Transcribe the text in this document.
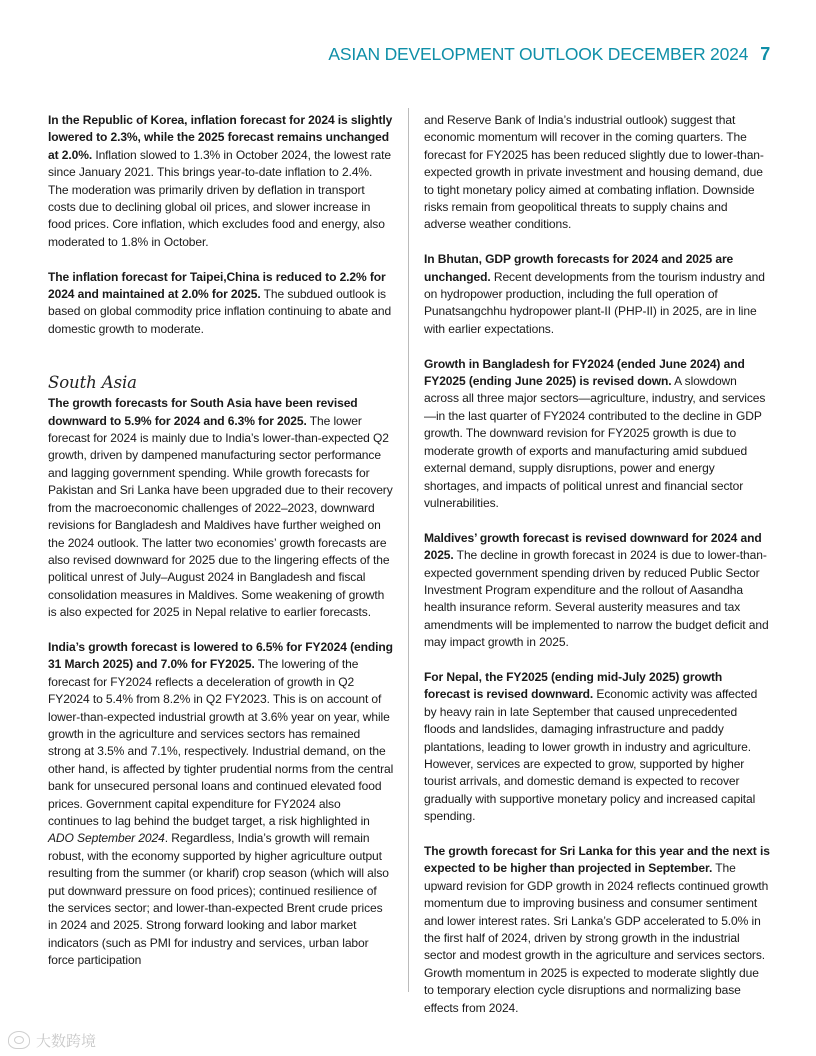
ASIAN DEVELOPMENT OUTLOOK DECEMBER 2024 7

In the Republic of Korea, inflation forecast for 2024 is slightly lowered to 2.3%, while the 2025 forecast remains unchanged at 2.0%. Inflation slowed to 1.3% in October 2024, the lowest rate since January 2021. This brings year-to-date inflation to 2.4%. The moderation was primarily driven by deflation in transport costs due to declining global oil prices, and slower increase in food prices. Core inflation, which excludes food and energy, also moderated to 1.8% in October.

The inflation forecast for Taipei,China is reduced to 2.2% for 2024 and maintained at 2.0% for 2025. The subdued outlook is based on global commodity price inflation continuing to abate and domestic growth to moderate.

South Asia

The growth forecasts for South Asia have been revised downward to 5.9% for 2024 and 6.3% for 2025. The lower forecast for 2024 is mainly due to India’s lower-than-expected Q2 growth, driven by dampened manufacturing sector performance and lagging government spending. While growth forecasts for Pakistan and Sri Lanka have been upgraded due to their recovery from the macroeconomic challenges of 2022–2023, downward revisions for Bangladesh and Maldives have further weighed on the 2024 outlook. The latter two economies’ growth forecasts are also revised downward for 2025 due to the lingering effects of the political unrest of July–August 2024 in Bangladesh and fiscal consolidation measures in Maldives. Some weakening of growth is also expected for 2025 in Nepal relative to earlier forecasts.

India’s growth forecast is lowered to 6.5% for FY2024 (ending 31 March 2025) and 7.0% for FY2025. The lowering of the forecast for FY2024 reflects a deceleration of growth in Q2 FY2024 to 5.4% from 8.2% in Q2 FY2023. This is on account of lower-than-expected industrial growth at 3.6% year on year, while growth in the agriculture and services sectors has remained strong at 3.5% and 7.1%, respectively. Industrial demand, on the other hand, is affected by tighter prudential norms from the central bank for unsecured personal loans and continued elevated food prices. Government capital expenditure for FY2024 also continues to lag behind the budget target, a risk highlighted in ADO September 2024. Regardless, India’s growth will remain robust, with the economy supported by higher agriculture output resulting from the summer (or kharif) crop season (which will also put downward pressure on food prices); continued resilience of the services sector; and lower-than-expected Brent crude prices in 2024 and 2025. Strong forward looking and labor market indicators (such as PMI for industry and services, urban labor force participation

and Reserve Bank of India’s industrial outlook) suggest that economic momentum will recover in the coming quarters. The forecast for FY2025 has been reduced slightly due to lower-than-expected growth in private investment and housing demand, due to tight monetary policy aimed at combating inflation. Downside risks remain from geopolitical threats to supply chains and adverse weather conditions.

In Bhutan, GDP growth forecasts for 2024 and 2025 are unchanged. Recent developments from the tourism industry and on hydropower production, including the full operation of Punatsangchhu hydropower plant-II (PHP-II) in 2025, are in line with earlier expectations.

Growth in Bangladesh for FY2024 (ended June 2024) and FY2025 (ending June 2025) is revised down. A slowdown across all three major sectors—agriculture, industry, and services—in the last quarter of FY2024 contributed to the decline in GDP growth. The downward revision for FY2025 growth is due to moderate growth of exports and manufacturing amid subdued external demand, supply disruptions, power and energy shortages, and impacts of political unrest and financial sector vulnerabilities.

Maldives’ growth forecast is revised downward for 2024 and 2025. The decline in growth forecast in 2024 is due to lower-than-expected government spending driven by reduced Public Sector Investment Program expenditure and the rollout of Aasandha health insurance reform. Several austerity measures and tax amendments will be implemented to narrow the budget deficit and may impact growth in 2025.

For Nepal, the FY2025 (ending mid-July 2025) growth forecast is revised downward. Economic activity was affected by heavy rain in late September that caused unprecedented floods and landslides, damaging infrastructure and paddy plantations, leading to lower growth in industry and agriculture. However, services are expected to grow, supported by higher tourist arrivals, and domestic demand is expected to recover gradually with supportive monetary policy and increased capital spending.

The growth forecast for Sri Lanka for this year and the next is expected to be higher than projected in September. The upward revision for GDP growth in 2024 reflects continued growth momentum due to improving business and consumer sentiment and lower interest rates. Sri Lanka’s GDP accelerated to 5.0% in the first half of 2024, driven by strong growth in the industrial sector and modest growth in the agriculture and services sectors. Growth momentum in 2025 is expected to moderate slightly due to temporary election cycle disruptions and normalizing base effects from 2024.

大数跨境
